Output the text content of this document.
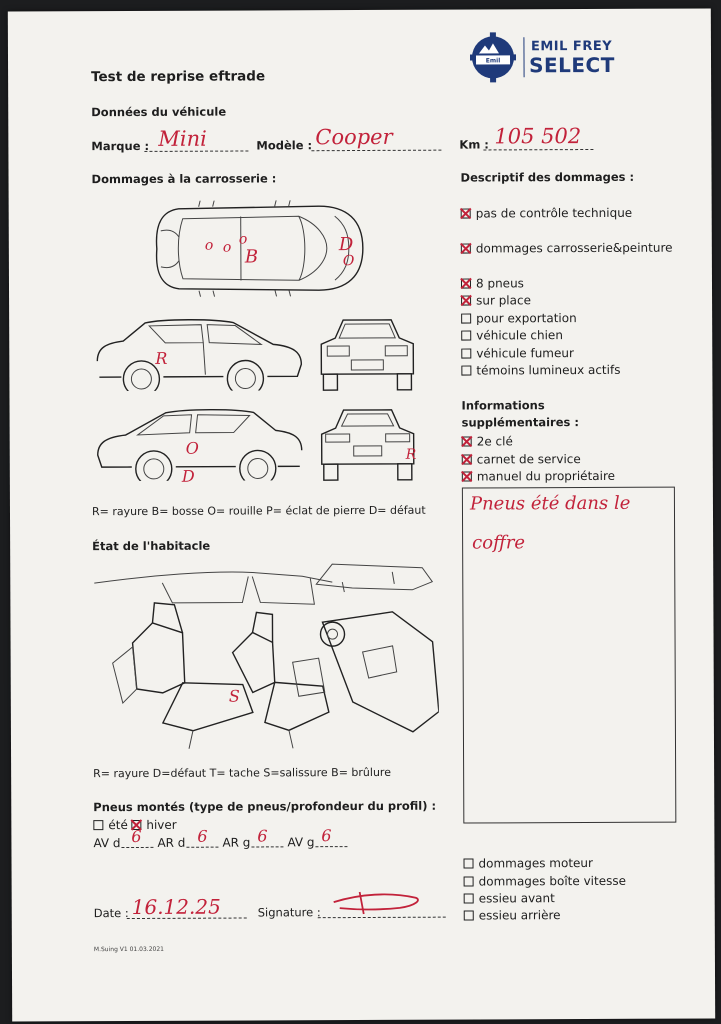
Emil Frey
EMIL FREY
SELECT
Test de reprise eftrade
Données du véhicule
Marque : Mini	Modèle : Cooper	Km : 105 502
Dommages à la carrosserie :
o o
o
B
D
O
R
O
D
R
R= rayure B= bosse O= rouille P= éclat de pierre D= défaut
Descriptif des dommages :
pas de contrôle technique
dommages carrosserie&peinture
8 pneus
sur place
pour exportation
véhicule chien
véhicule fumeur
témoins lumineux actifs
Informations
supplémentaires :
2e clé
carnet de service
manuel du propriétaire
Pneus été dans le
coffre
État de l'habitacle
S
R= rayure D=défaut T= tache S=salissure B= brûlure
Pneus montés (type de pneus/profondeur du profil) :
été	hiver
AV d 6 AR d 6 AR g 6 AV g 6
dommages moteur
dommages boîte vitesse
essieu avant
essieu arrière
Date : 16.12.25	Signature :
M.Suing V1 01.03.2021
